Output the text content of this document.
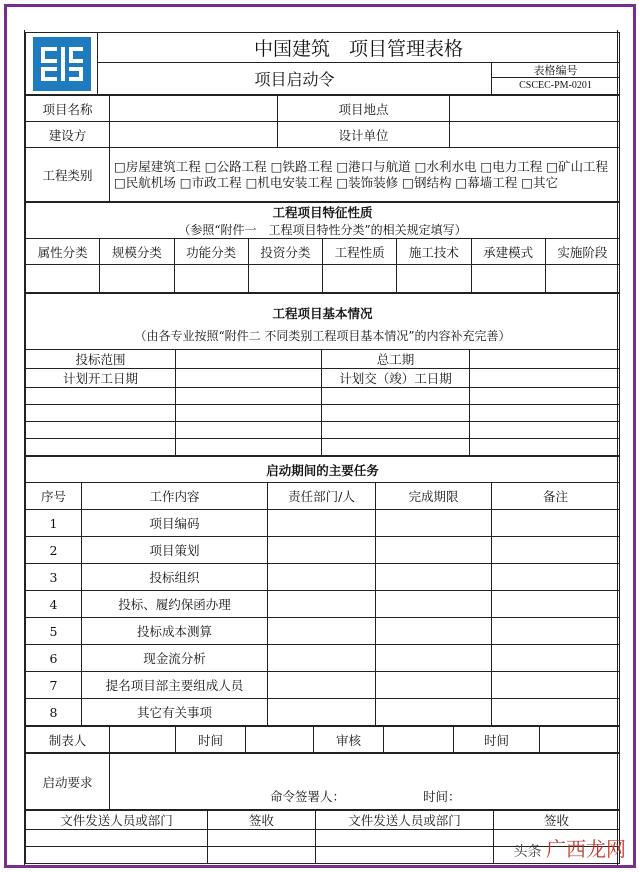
	中国建筑　项目管理表格	
	项目启动令	表格编号
CSCEC-PM-0201
项目名称		项目地点	
建设方		设计单位	
工程类别	□房屋建筑工程 □公路工程 □铁路工程 □港口与航道 □水利水电 □电力工程 □矿山工程 □民航机场 □市政工程 □机电安装工程 □装饰装修 □钢结构 □幕墙工程 □其它		
工程项目特征性质							
（参照“附件一　工程项目特性分类”的相关规定填写）							
属性分类	规模分类	功能分类	投资分类	工程性质	施工技术	承建模式	实施阶段

工程项目基本情况			
（由各专业按照“附件二 不同类别工程项目基本情况”的内容补充完善）			
投标范围		总工期	
计划开工日期		计划交（竣）工日期	

启动期间的主要任务				
序号	工作内容	责任部门/人	完成期限	备注
1	项目编码			
2	项目策划			
3	投标组织			
4	投标、履约保函办理			
5	投标成本测算			
6	现金流分析			
7	提名项目部主要组成人员			
8	其它有关事项			
制表人		时间		审核		时间	
启动要求	命令签署人：	时间：
文件发送人员或部门	签收	文件发送人员或部门	签收

头条 广西龙网
